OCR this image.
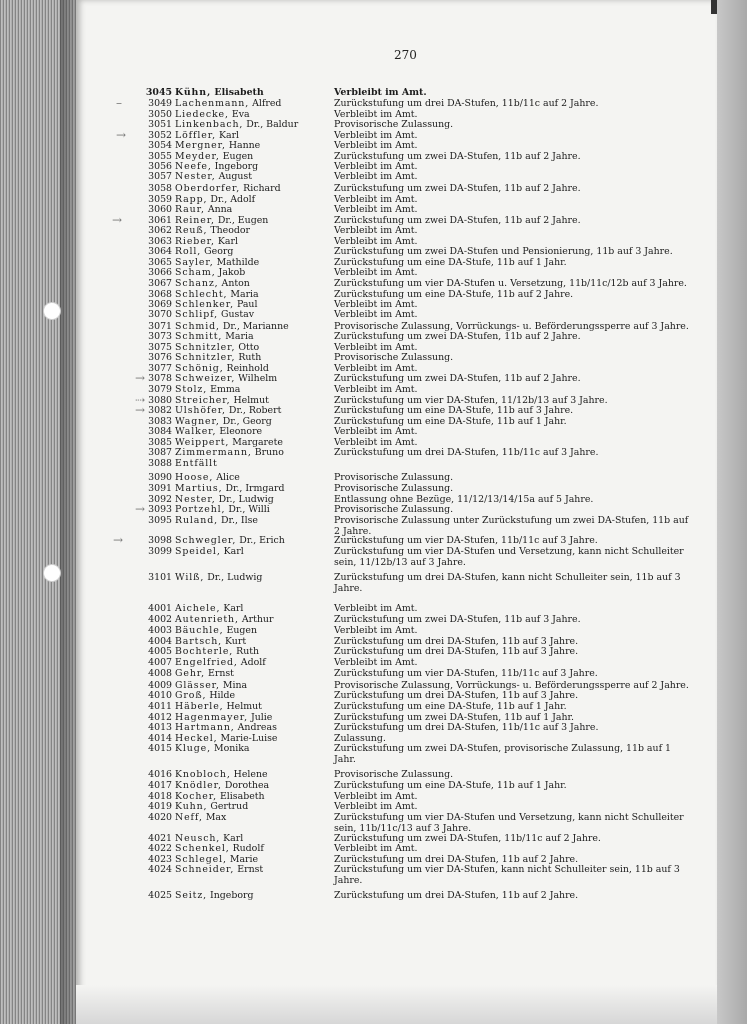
270
3045 Kühn, Elisabeth	Verbleibt im Amt.
3049 Lachenmann, Alfred	Zurückstufung um drei DA-Stufen, 11b/11c auf 2 Jahre.
–
3050 Liedecke, Eva	Verbleibt im Amt.
3051 Linkenbach, Dr., Baldur	Provisorische Zulassung.
3052 Löffler, Karl	Verbleibt im Amt.
→
3054 Mergner, Hanne	Verbleibt im Amt.
3055 Meyder, Eugen	Zurückstufung um zwei DA-Stufen, 11b auf 2 Jahre.
3056 Neefe, Ingeborg	Verbleibt im Amt.
3057 Nester, August	Verbleibt im Amt.
3058 Oberdorfer, Richard	Zurückstufung um zwei DA-Stufen, 11b auf 2 Jahre.
3059 Rapp, Dr., Adolf	Verbleibt im Amt.
3060 Raur, Anna	Verbleibt im Amt.
3061 Reiner, Dr., Eugen	Zurückstufung um zwei DA-Stufen, 11b auf 2 Jahre.
→
3062 Reuß, Theodor	Verbleibt im Amt.
3063 Rieber, Karl	Verbleibt im Amt.
3064 Roll, Georg	Zurückstufung um zwei DA-Stufen und Pensionierung, 11b auf 3 Jahre.
3065 Sayler, Mathilde	Zurückstufung um eine DA-Stufe, 11b auf 1 Jahr.
3066 Scham, Jakob	Verbleibt im Amt.
3067 Schanz, Anton	Zurückstufung um vier DA-Stufen u. Versetzung, 11b/11c/12b auf 3 Jahre.
3068 Schlecht, Maria	Zurückstufung um eine DA-Stufe, 11b auf 2 Jahre.
3069 Schlenker, Paul	Verbleibt im Amt.
3070 Schlipf, Gustav	Verbleibt im Amt.
3071 Schmid, Dr., Marianne	Provisorische Zulassung, Vorrückungs- u. Beförderungssperre auf 3 Jahre.
3073 Schmitt, Maria	Zurückstufung um zwei DA-Stufen, 11b auf 2 Jahre.
3075 Schnitzler, Otto	Verbleibt im Amt.
3076 Schnitzler, Ruth	Provisorische Zulassung.
3077 Schönig, Reinhold	Verbleibt im Amt.
3078 Schweizer, Wilhelm	Zurückstufung um zwei DA-Stufen, 11b auf 2 Jahre.
→
3079 Stolz, Emma	Verbleibt im Amt.
3080 Streicher, Helmut	Zurückstufung um vier DA-Stufen, 11/12b/13 auf 3 Jahre.
⇢
3082 Ulshöfer, Dr., Robert	Zurückstufung um eine DA-Stufe, 11b auf 3 Jahre.
→
3083 Wagner, Dr., Georg	Zurückstufung um eine DA-Stufe, 11b auf 1 Jahr.
3084 Walker, Eleonore	Verbleibt im Amt.
3085 Weippert, Margarete	Verbleibt im Amt.
3087 Zimmermann, Bruno	Zurückstufung um drei DA-Stufen, 11b/11c auf 3 Jahre.
3088 Entfällt
3090 Hoose, Alice	Provisorische Zulassung.
3091 Martius, Dr., Irmgard	Provisorische Zulassung.
3092 Nester, Dr., Ludwig	Entlassung ohne Bezüge, 11/12/13/14/15a auf 5 Jahre.
3093 Portzehl, Dr., Willi	Provisorische Zulassung.
→
3095 Ruland, Dr., Ilse	Provisorische Zulassung unter Zurückstufung um zwei DA-Stufen, 11b auf 2 Jahre.
3098 Schwegler, Dr., Erich	Zurückstufung um vier DA-Stufen, 11b/11c auf 3 Jahre.
→
3099 Speidel, Karl	Zurückstufung um vier DA-Stufen und Versetzung, kann nicht Schulleiter sein, 11/12b/13 auf 3 Jahre.
3101 Wilß, Dr., Ludwig	Zurückstufung um drei DA-Stufen, kann nicht Schulleiter sein, 11b auf 3 Jahre.
4001 Aichele, Karl	Verbleibt im Amt.
4002 Autenrieth, Arthur	Zurückstufung um zwei DA-Stufen, 11b auf 3 Jahre.
4003 Bäuchle, Eugen	Verbleibt im Amt.
4004 Bartsch, Kurt	Zurückstufung um drei DA-Stufen, 11b auf 3 Jahre.
4005 Bochterle, Ruth	Zurückstufung um drei DA-Stufen, 11b auf 3 Jahre.
4007 Engelfried, Adolf	Verbleibt im Amt.
4008 Gehr, Ernst	Zurückstufung um vier DA-Stufen, 11b/11c auf 3 Jahre.
4009 Glässer, Mina	Provisorische Zulassung, Vorrückungs- u. Beförderungssperre auf 2 Jahre.
4010 Groß, Hilde	Zurückstufung um drei DA-Stufen, 11b auf 3 Jahre.
4011 Häberle, Helmut	Zurückstufung um eine DA-Stufe, 11b auf 1 Jahr.
4012 Hagenmayer, Julie	Zurückstufung um zwei DA-Stufen, 11b auf 1 Jahr.
4013 Hartmann, Andreas	Zurückstufung um drei DA-Stufen, 11b/11c auf 3 Jahre.
4014 Heckel, Marie-Luise	Zulassung.
4015 Kluge, Monika	Zurückstufung um zwei DA-Stufen, provisorische Zulassung, 11b auf 1 Jahr.
4016 Knobloch, Helene	Provisorische Zulassung.
4017 Knödler, Dorothea	Zurückstufung um eine DA-Stufe, 11b auf 1 Jahr.
4018 Kocher, Elisabeth	Verbleibt im Amt.
4019 Kuhn, Gertrud	Verbleibt im Amt.
4020 Neff, Max	Zurückstufung um vier DA-Stufen und Versetzung, kann nicht Schulleiter sein, 11b/11c/13 auf 3 Jahre.
4021 Neusch, Karl	Zurückstufung um zwei DA-Stufen, 11b/11c auf 2 Jahre.
4022 Schenkel, Rudolf	Verbleibt im Amt.
4023 Schlegel, Marie	Zurückstufung um drei DA-Stufen, 11b auf 2 Jahre.
4024 Schneider, Ernst	Zurückstufung um vier DA-Stufen, kann nicht Schulleiter sein, 11b auf 3 Jahre.
4025 Seitz, Ingeborg	Zurückstufung um drei DA-Stufen, 11b auf 2 Jahre.
